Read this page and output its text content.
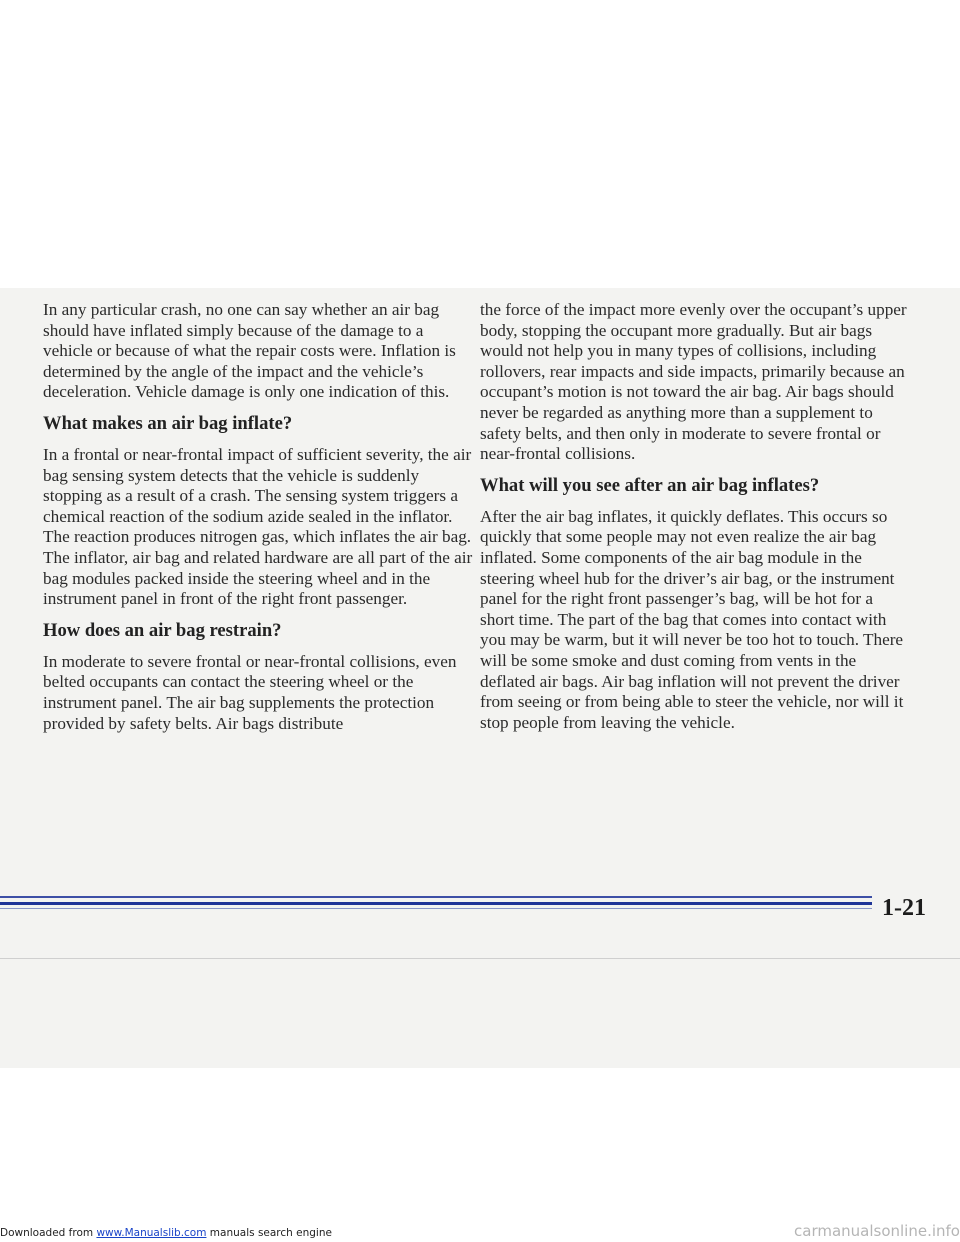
In any particular crash, no one can say whether an air bag should have inflated simply because of the damage to a vehicle or because of what the repair costs were. Inflation is determined by the angle of the impact and the vehicle’s deceleration. Vehicle damage is only one indication of this.

What makes an air bag inflate?

In a frontal or near-frontal impact of sufficient severity, the air bag sensing system detects that the vehicle is suddenly stopping as a result of a crash. The sensing system triggers a chemical reaction of the sodium azide sealed in the inflator. The reaction produces nitrogen gas, which inflates the air bag. The inflator, air bag and related hardware are all part of the air bag modules packed inside the steering wheel and in the instrument panel in front of the right front passenger.

How does an air bag restrain?

In moderate to severe frontal or near-frontal collisions, even belted occupants can contact the steering wheel or the instrument panel. The air bag supplements the protection provided by safety belts. Air bags distribute

the force of the impact more evenly over the occupant’s upper body, stopping the occupant more gradually. But air bags would not help you in many types of collisions, including rollovers, rear impacts and side impacts, primarily because an occupant’s motion is not toward the air bag. Air bags should never be regarded as anything more than a supplement to safety belts, and then only in moderate to severe frontal or near-frontal collisions.

What will you see after an air bag inflates?

After the air bag inflates, it quickly deflates. This occurs so quickly that some people may not even realize the air bag inflated. Some components of the air bag module in the steering wheel hub for the driver’s air bag, or the instrument panel for the right front passenger’s bag, will be hot for a short time. The part of the bag that comes into contact with you may be warm, but it will never be too hot to touch. There will be some smoke and dust coming from vents in the deflated air bags. Air bag inflation will not prevent the driver from seeing or from being able to steer the vehicle, nor will it stop people from leaving the vehicle.

1-21
Downloaded from www.Manualslib.com manuals search engine	carmanualsonline.info
